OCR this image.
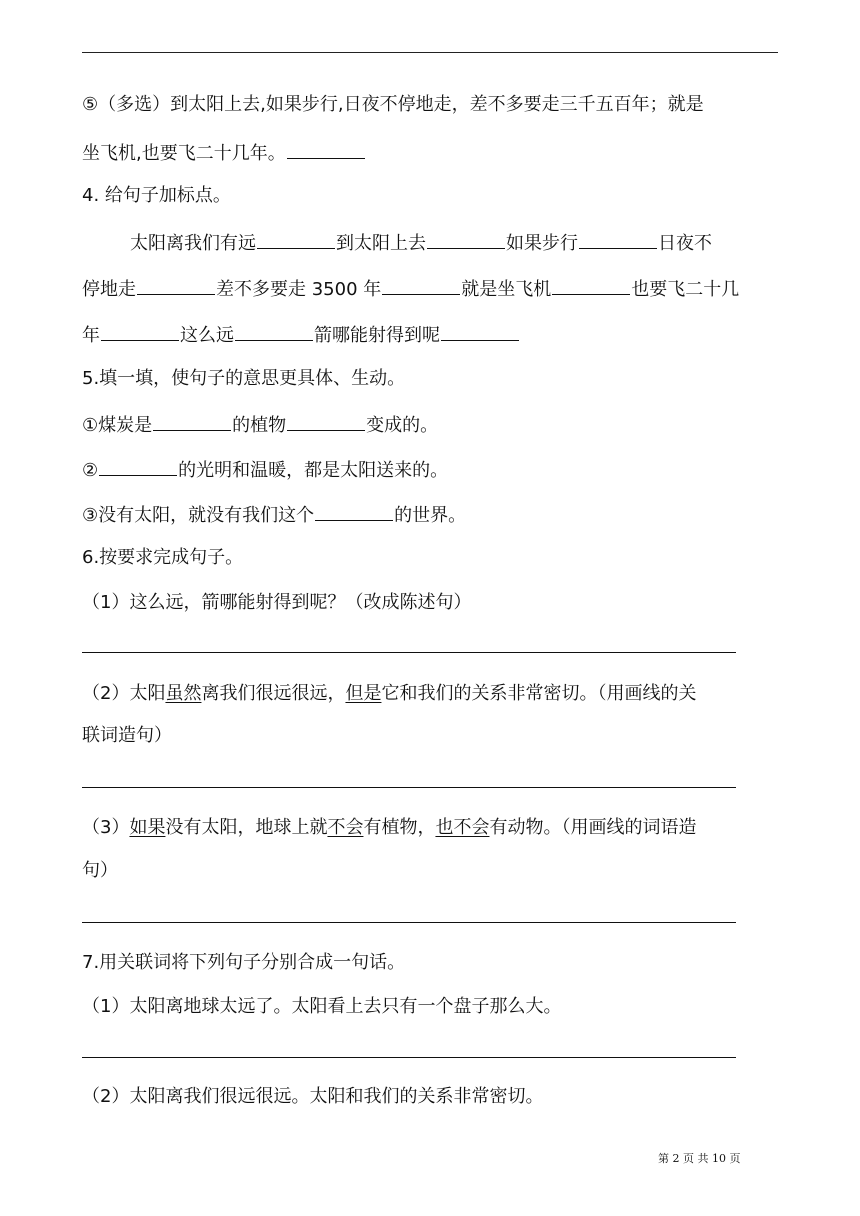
⑤（多选）到太阳上去,如果步行,日夜不停地走，差不多要走三千五百年；就是
坐飞机,也要飞二十几年。
4. 给句子加标点。
太阳离我们有远	到太阳上去	如果步行	日夜不
停地走	差不多要走 3500 年	就是坐飞机	也要飞二十几
年	这么远	箭哪能射得到呢
5.填一填，使句子的意思更具体、生动。
①煤炭是	的植物	变成的。
②	的光明和温暖，都是太阳送来的。
③没有太阳，就没有我们这个	的世界。
6.按要求完成句子。
（1）这么远，箭哪能射得到呢？（改成陈述句）
（2）太阳虽然离我们很远很远，但是它和我们的关系非常密切。（用画线的关
联词造句）
（3）如果没有太阳，地球上就不会有植物，也不会有动物。（用画线的词语造
句）
7.用关联词将下列句子分别合成一句话。
（1）太阳离地球太远了。太阳看上去只有一个盘子那么大。
（2）太阳离我们很远很远。太阳和我们的关系非常密切。
第 2 页 共 10 页
